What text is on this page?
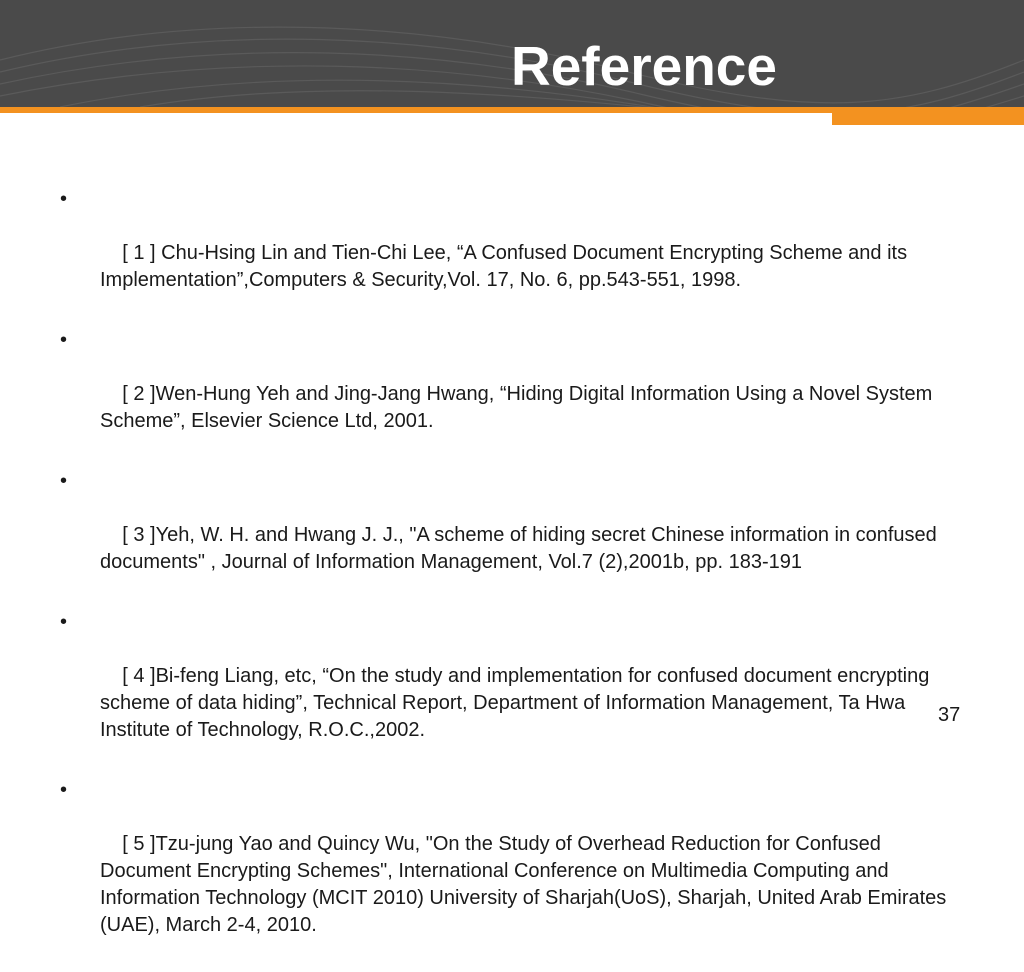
Reference

•

[ 1 ] Chu-Hsing Lin and Tien-Chi Lee, “A Confused Document Encrypting Scheme and its Implementation”,Computers & Security,Vol. 17, No. 6, pp.543-551, 1998.

•

[ 2 ]Wen-Hung Yeh and Jing-Jang Hwang, “Hiding Digital Information Using a Novel System Scheme”, Elsevier Science Ltd, 2001.

•

[ 3 ]Yeh, W. H. and Hwang J. J., "A scheme of hiding secret Chinese information in confused  documents" , Journal of Information Management, Vol.7 (2),2001b, pp. 183-191

•

[ 4 ]Bi-feng Liang, etc, “On the study and implementation for confused document encrypting scheme of data hiding”, Technical Report, Department of Information Management, Ta Hwa Institute of Technology, R.O.C.,2002.

•

[ 5 ]Tzu-jung Yao and Quincy Wu, "On the Study of Overhead Reduction for Confused Document Encrypting Schemes", International Conference on Multimedia Computing and Information Technology (MCIT 2010) University of Sharjah(UoS), Sharjah, United Arab Emirates (UAE), March 2-4, 2010.

37
